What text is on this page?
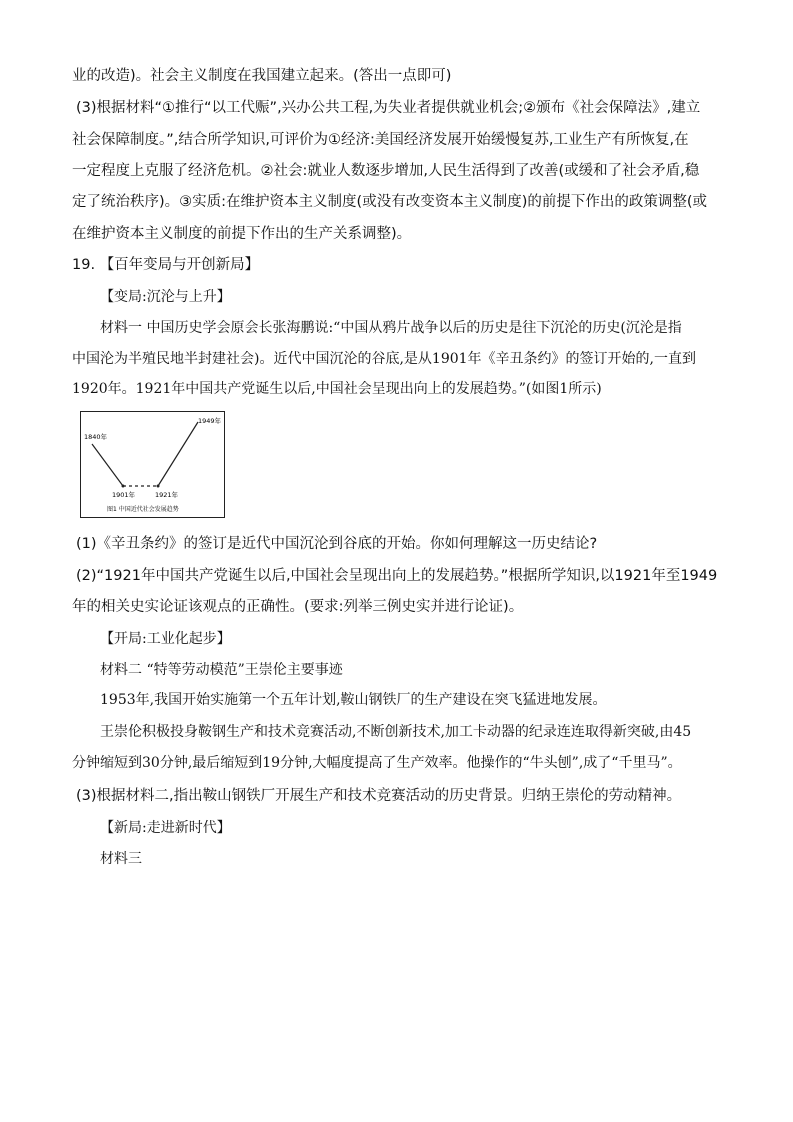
业的改造)。社会主义制度在我国建立起来。(答出一点即可)
(3)根据材料“①推行“以工代赈”,兴办公共工程,为失业者提供就业机会;②颁布《社会保障法》,建立
社会保障制度。”,结合所学知识,可评价为①经济:美国经济发展开始缓慢复苏,工业生产有所恢复,在
一定程度上克服了经济危机。②社会:就业人数逐步增加,人民生活得到了改善(或缓和了社会矛盾,稳
定了统治秩序)。③实质:在维护资本主义制度(或没有改变资本主义制度)的前提下作出的政策调整(或
在维护资本主义制度的前提下作出的生产关系调整)。
19. 【百年变局与开创新局】
【变局:沉沦与上升】
材料一 中国历史学会原会长张海鹏说:“中国从鸦片战争以后的历史是往下沉沦的历史(沉沦是指
中国沦为半殖民地半封建社会)。近代中国沉沦的谷底,是从1901年《辛丑条约》的签订开始的,一直到
1920年。1921年中国共产党诞生以后,中国社会呈现出向上的发展趋势。”(如图1所示)
1840年
1901年	1921年
1949年
图1 中国近代社会发展趋势
(1)《辛丑条约》的签订是近代中国沉沦到谷底的开始。你如何理解这一历史结论?
(2)“1921年中国共产党诞生以后,中国社会呈现出向上的发展趋势。”根据所学知识,以1921年至1949
年的相关史实论证该观点的正确性。(要求:列举三例史实并进行论证)。
【开局:工业化起步】
材料二 “特等劳动模范”王崇伦主要事迹
1953年,我国开始实施第一个五年计划,鞍山钢铁厂的生产建设在突飞猛进地发展。
王崇伦积极投身鞍钢生产和技术竞赛活动,不断创新技术,加工卡动器的纪录连连取得新突破,由45
分钟缩短到30分钟,最后缩短到19分钟,大幅度提高了生产效率。他操作的“牛头刨”,成了“千里马”。
(3)根据材料二,指出鞍山钢铁厂开展生产和技术竞赛活动的历史背景。归纳王崇伦的劳动精神。
【新局:走进新时代】
材料三
